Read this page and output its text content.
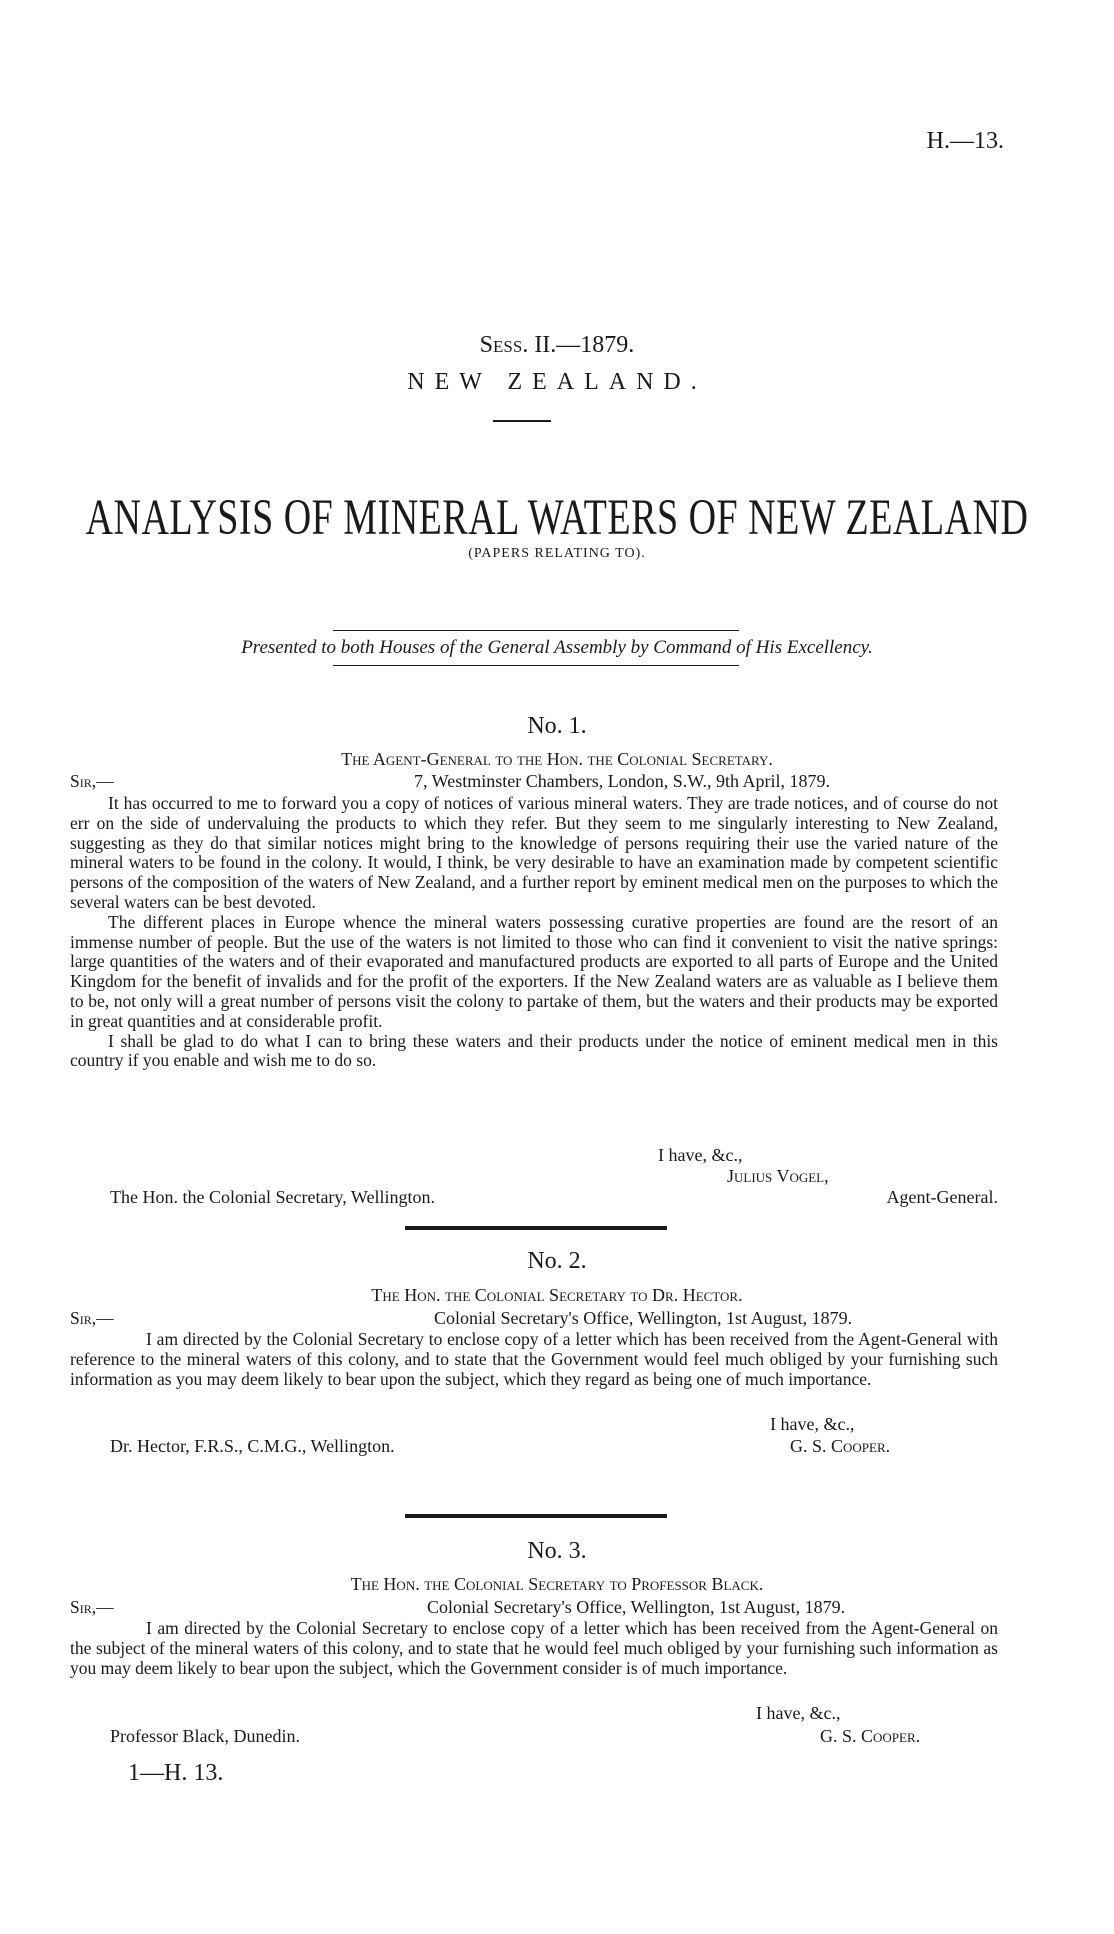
H.—13.
Sess. II.—1879.
NEW ZEALAND.
ANALYSIS OF MINERAL WATERS OF NEW ZEALAND
(PAPERS RELATING TO).
Presented to both Houses of the General Assembly by Command of His Excellency.
No. 1.
The Agent-General to the Hon. the Colonial Secretary.
Sir,—	7, Westminster Chambers, London, S.W., 9th April, 1879.

It has occurred to me to forward you a copy of notices of various mineral waters. They are trade notices, and of course do not err on the side of undervaluing the products to which they refer. But they seem to me singularly interesting to New Zealand, suggesting as they do that similar notices might bring to the knowledge of persons requiring their use the varied nature of the mineral waters to be found in the colony. It would, I think, be very desirable to have an examination made by competent scientific persons of the composition of the waters of New Zealand, and a further report by eminent medical men on the purposes to which the several waters can be best devoted.

The different places in Europe whence the mineral waters possessing curative properties are found are the resort of an immense number of people. But the use of the waters is not limited to those who can find it convenient to visit the native springs: large quantities of the waters and of their evaporated and manufactured products are exported to all parts of Europe and the United Kingdom for the benefit of invalids and for the profit of the exporters. If the New Zealand waters are as valuable as I believe them to be, not only will a great number of persons visit the colony to partake of them, but the waters and their products may be exported in great quantities and at considerable profit.

I shall be glad to do what I can to bring these waters and their products under the notice of eminent medical men in this country if you enable and wish me to do so.

I have, &c.,
Julius Vogel,
The Hon. the Colonial Secretary, Wellington.	Agent-General.
No. 2.
The Hon. the Colonial Secretary to Dr. Hector.
Sir,—	Colonial Secretary's Office, Wellington, 1st August, 1879.

I am directed by the Colonial Secretary to enclose copy of a letter which has been received from the Agent-General with reference to the mineral waters of this colony, and to state that the Government would feel much obliged by your furnishing such information as you may deem likely to bear upon the subject, which they regard as being one of much importance.

I have, &c.,
Dr. Hector, F.R.S., C.M.G., Wellington.	G. S. Cooper.
No. 3.
The Hon. the Colonial Secretary to Professor Black.
Sir,—	Colonial Secretary's Office, Wellington, 1st August, 1879.

I am directed by the Colonial Secretary to enclose copy of a letter which has been received from the Agent-General on the subject of the mineral waters of this colony, and to state that he would feel much obliged by your furnishing such information as you may deem likely to bear upon the subject, which the Government consider is of much importance.

I have, &c.,
Professor Black, Dunedin.	G. S. Cooper.
1—H. 13.
